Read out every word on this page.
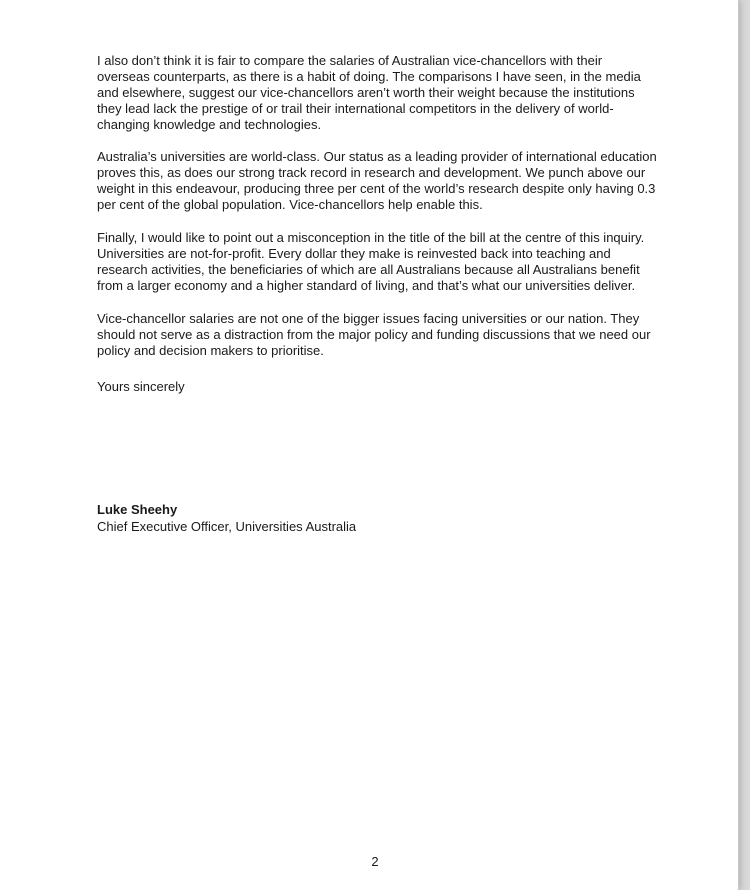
I also don’t think it is fair to compare the salaries of Australian vice-chancellors with their overseas counterparts, as there is a habit of doing. The comparisons I have seen, in the media and elsewhere, suggest our vice-chancellors aren’t worth their weight because the institutions they lead lack the prestige of or trail their international competitors in the delivery of world-changing knowledge and technologies.

Australia’s universities are world-class. Our status as a leading provider of international education proves this, as does our strong track record in research and development. We punch above our weight in this endeavour, producing three per cent of the world’s research despite only having 0.3 per cent of the global population. Vice-chancellors help enable this.

Finally, I would like to point out a misconception in the title of the bill at the centre of this inquiry. Universities are not-for-profit. Every dollar they make is reinvested back into teaching and research activities, the beneficiaries of which are all Australians because all Australians benefit from a larger economy and a higher standard of living, and that’s what our universities deliver.

Vice-chancellor salaries are not one of the bigger issues facing universities or our nation. They should not serve as a distraction from the major policy and funding discussions that we need our policy and decision makers to prioritise.

Yours sincerely

Luke Sheehy

Chief Executive Officer, Universities Australia

2
